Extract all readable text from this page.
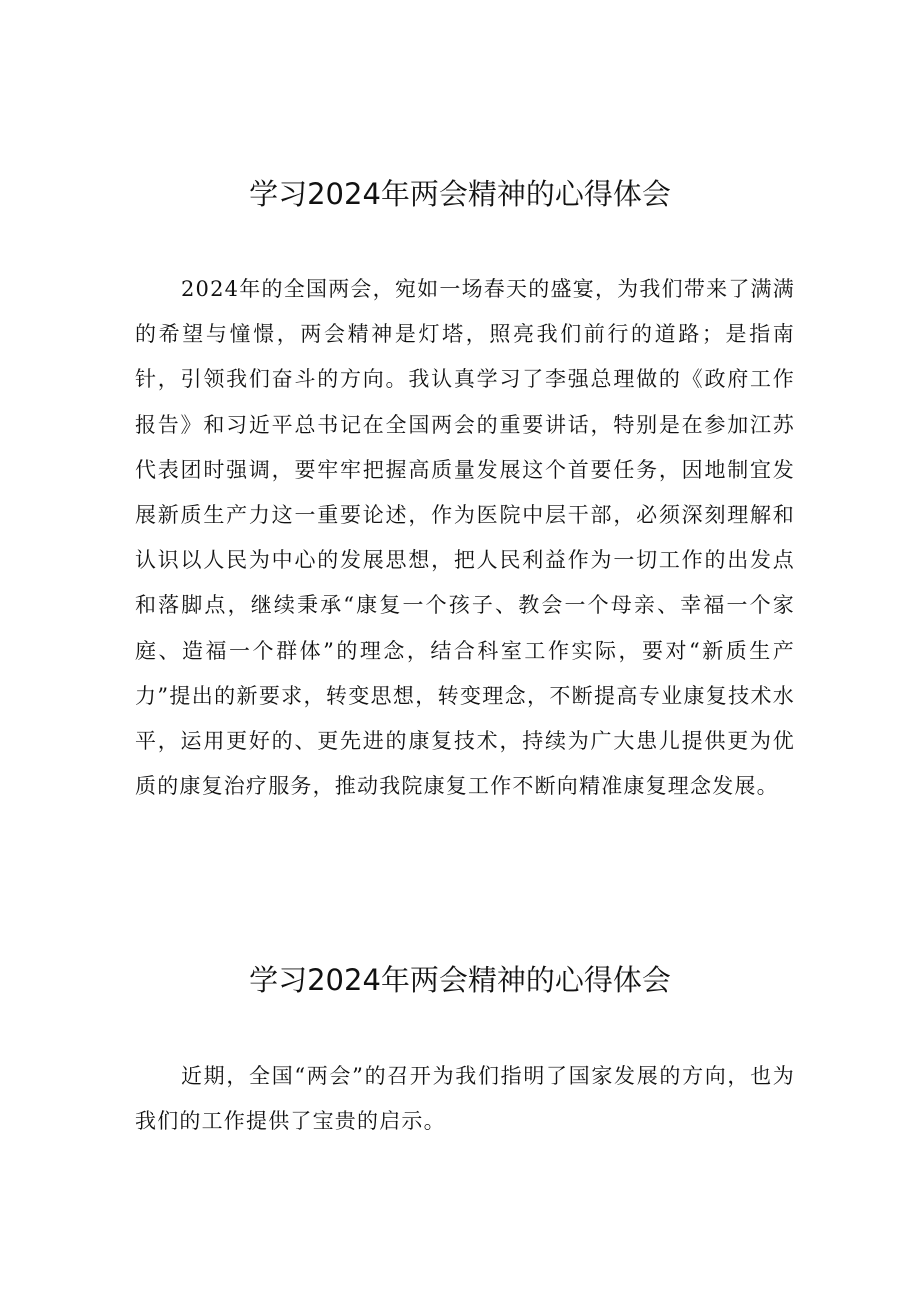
学习2024年两会精神的心得体会
2024年的全国两会，宛如一场春天的盛宴，为我们带来了满满的希望与憧憬，两会精神是灯塔，照亮我们前行的道路；是指南针，引领我们奋斗的方向。我认真学习了李强总理做的《政府工作报告》和习近平总书记在全国两会的重要讲话，特别是在参加江苏代表团时强调，要牢牢把握高质量发展这个首要任务，因地制宜发展新质生产力这一重要论述，作为医院中层干部，必须深刻理解和认识以人民为中心的发展思想，把人民利益作为一切工作的出发点和落脚点，继续秉承“康复一个孩子、教会一个母亲、幸福一个家庭、造福一个群体”的理念，结合科室工作实际，要对“新质生产力”提出的新要求，转变思想，转变理念，不断提高专业康复技术水平，运用更好的、更先进的康复技术，持续为广大患儿提供更为优质的康复治疗服务，推动我院康复工作不断向精准康复理念发展。
学习2024年两会精神的心得体会
近期，全国“两会”的召开为我们指明了国家发展的方向，也为我们的工作提供了宝贵的启示。
